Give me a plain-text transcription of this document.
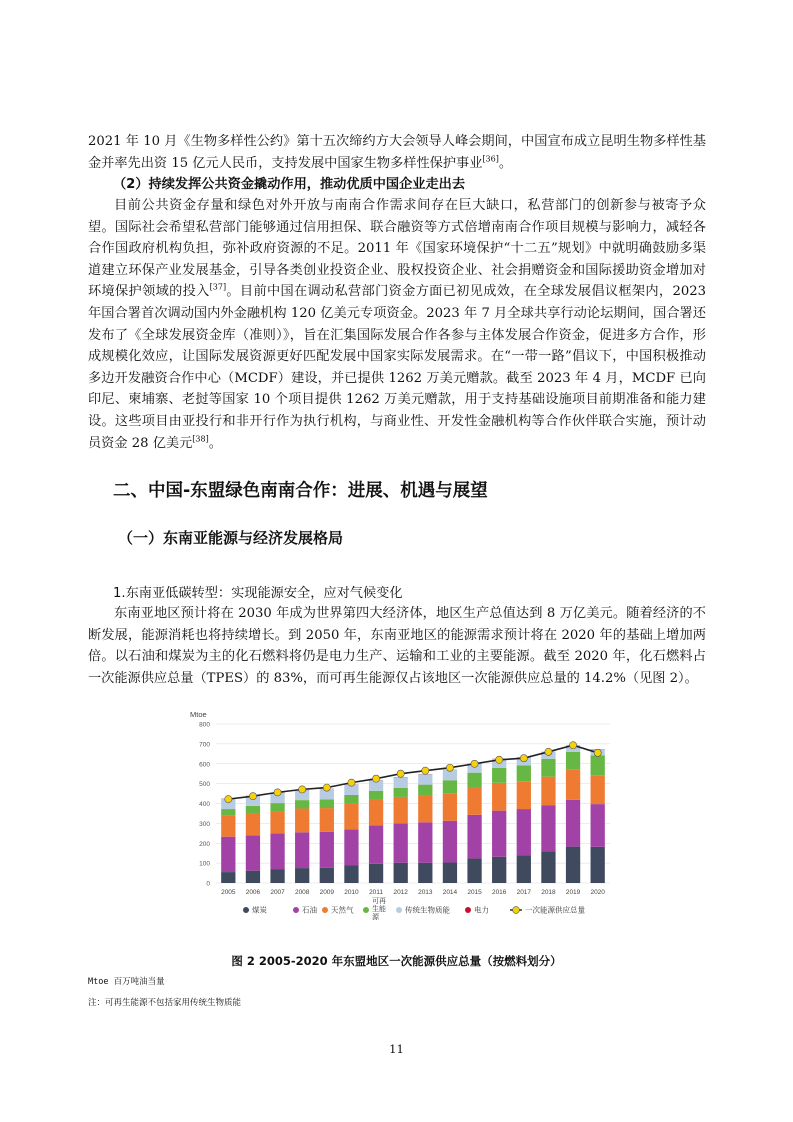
2021 年 10 月《生物多样性公约》第十五次缔约方大会领导人峰会期间，中国宣布成立昆明生物多样性基金并率先出资 15 亿元人民币，支持发展中国家生物多样性保护事业[36]。

（2）持续发挥公共资金撬动作用，推动优质中国企业走出去

目前公共资金存量和绿色对外开放与南南合作需求间存在巨大缺口，私营部门的创新参与被寄予众望。国际社会希望私营部门能够通过信用担保、联合融资等方式倍增南南合作项目规模与影响力，减轻各合作国政府机构负担，弥补政府资源的不足。2011 年《国家环境保护“十二五”规划》中就明确鼓励多渠道建立环保产业发展基金，引导各类创业投资企业、股权投资企业、社会捐赠资金和国际援助资金增加对环境保护领域的投入[37]。目前中国在调动私营部门资金方面已初见成效，在全球发展倡议框架内，2023 年国合署首次调动国内外金融机构 120 亿美元专项资金。2023 年 7 月全球共享行动论坛期间，国合署还发布了《全球发展资金库（准则）》，旨在汇集国际发展合作各参与主体发展合作资金，促进多方合作，形成规模化效应，让国际发展资源更好匹配发展中国家实际发展需求。在“一带一路”倡议下，中国积极推动多边开发融资合作中心（MCDF）建设，并已提供 1262 万美元赠款。截至 2023 年 4 月，MCDF 已向印尼、柬埔寨、老挝等国家 10 个项目提供 1262 万美元赠款，用于支持基础设施项目前期准备和能力建设。这些项目由亚投行和非开行作为执行机构，与商业性、开发性金融机构等合作伙伴联合实施，预计动员资金 28 亿美元[38]。

二、中国-东盟绿色南南合作：进展、机遇与展望
（一）东南亚能源与经济发展格局

1.东南亚低碳转型：实现能源安全，应对气候变化

东南亚地区预计将在 2030 年成为世界第四大经济体，地区生产总值达到 8 万亿美元。随着经济的不断发展，能源消耗也将持续增长。到 2050 年，东南亚地区的能源需求预计将在 2020 年的基础上增加两倍。以石油和煤炭为主的化石燃料将仍是电力生产、运输和工业的主要能源。截至 2020 年，化石燃料占一次能源供应总量（TPES）的 83%，而可再生能源仅占该地区一次能源供应总量的 14.2%（见图 2）。

Mtoe
0
100
200
300
400
500
600
700
800
2005 2006 2007 2008 2009 2010 2011 2012 2013 2014 2015 2016 2017 2018 2019 2020
煤炭	石油 天然气
可再
生能
源
传统生物质能	电力	一次能源供应总量

图 2 2005-2020 年东盟地区一次能源供应总量（按燃料划分）

Mtoe 百万吨油当量

注：可再生能源不包括家用传统生物质能

11
